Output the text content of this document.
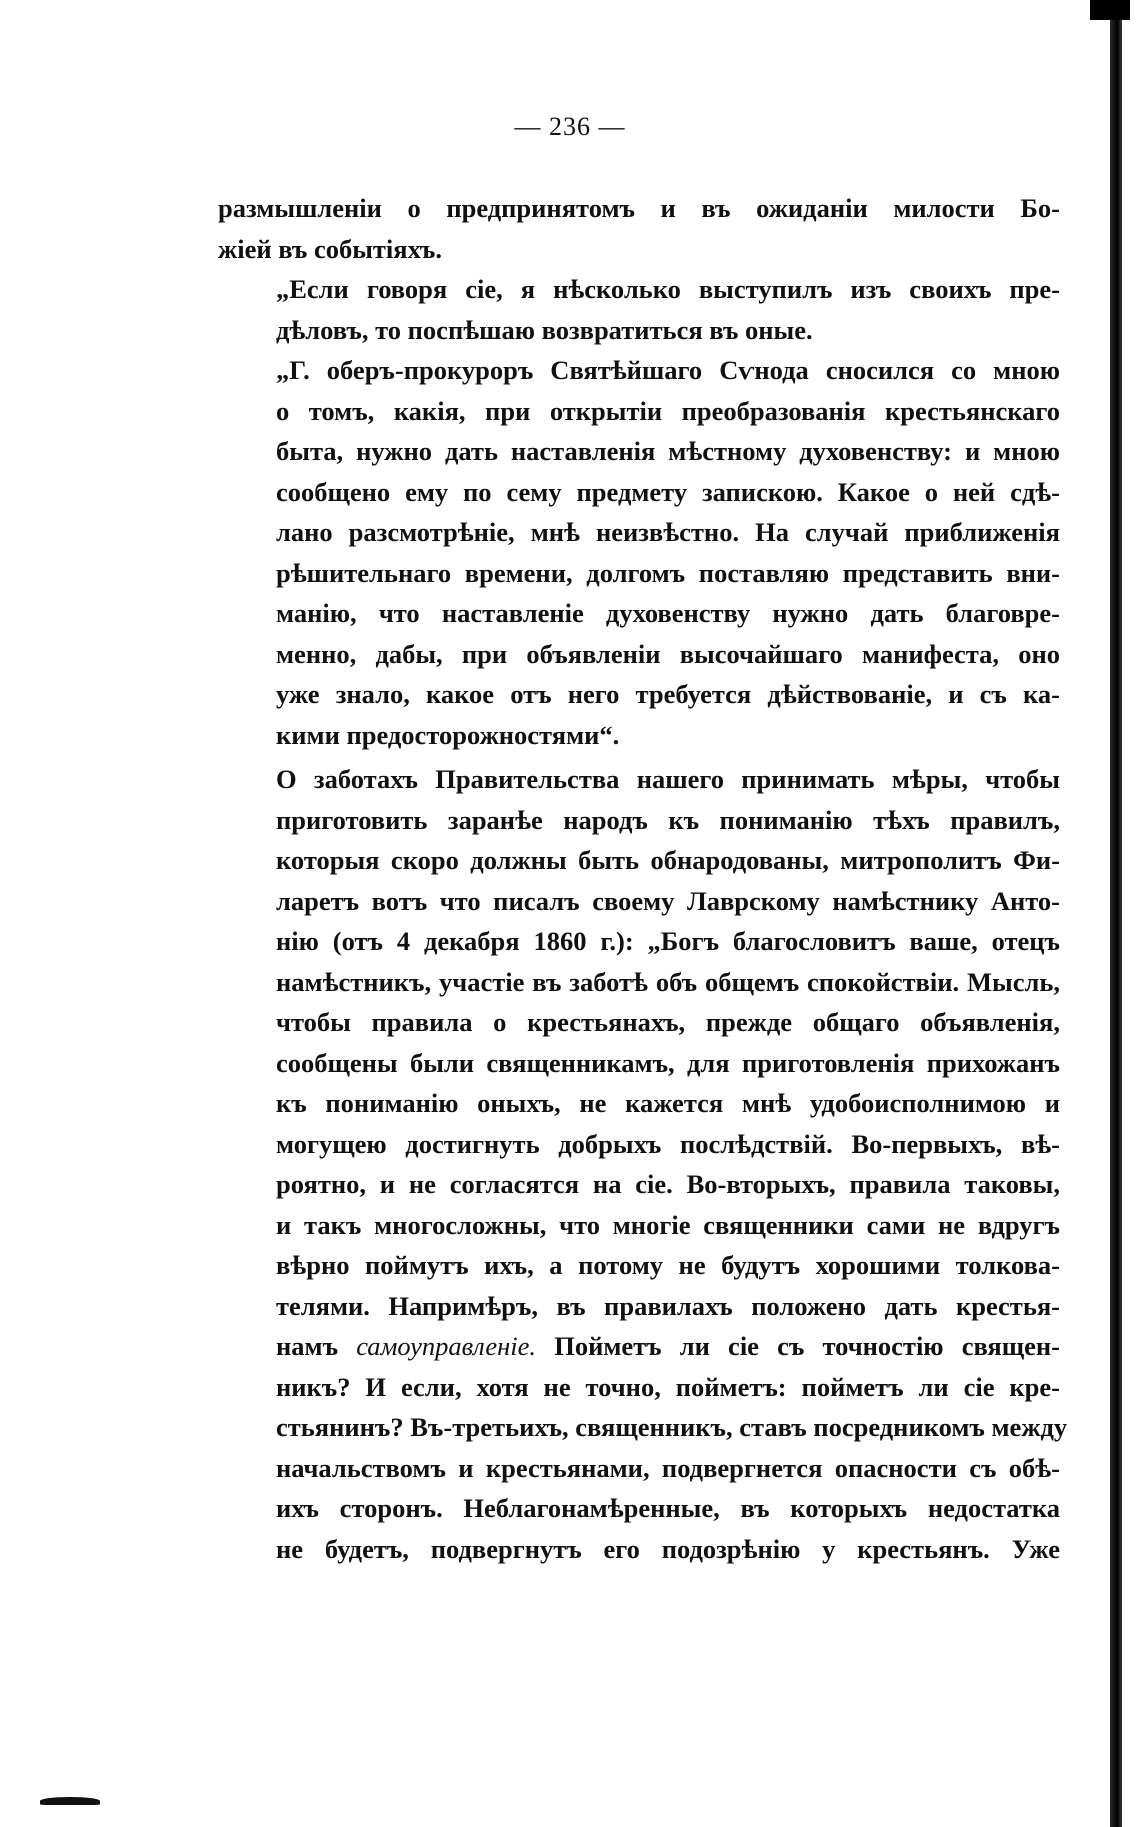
— 236 —

размышленіи о предпринятомъ и въ ожиданіи милости Бо-
жіей въ событіяхъ.

„Если говоря сіе, я нѣсколько выступилъ изъ своихъ пре-
дѣловъ, то поспѣшаю возвратиться въ оные.

„Г. оберъ-прокуроръ Святѣйшаго Сѵнода сносился со мною
о томъ, какія, при открытіи преобразованія крестьянскаго
быта, нужно дать наставленія мѣстному духовенству: и мною
сообщено ему по сему предмету запискою. Какое о ней сдѣ-
лано разсмотрѣніе, мнѣ неизвѣстно. На случай приближенія
рѣшительнаго времени, долгомъ поставляю представить вни-
манію, что наставленіе духовенству нужно дать благовре-
менно, дабы, при объявленіи высочайшаго манифеста, оно
уже знало, какое отъ него требуется дѣйствованіе, и съ ка-
кими предосторожностями“.

О заботахъ Правительства нашего принимать мѣры, чтобы
приготовить заранѣе народъ къ пониманію тѣхъ правилъ,
которыя скоро должны быть обнародованы, митрополитъ Фи-
ларетъ вотъ что писалъ своему Лаврскому намѣстнику Анто-
нію (отъ 4 декабря 1860 г.): „Богъ благословитъ ваше, отецъ
намѣстникъ, участіе въ заботѣ объ общемъ спокойствіи. Мысль,
чтобы правила о крестьянахъ, прежде общаго объявленія,
сообщены были священникамъ, для приготовленія прихожанъ
къ пониманію оныхъ, не кажется мнѣ удобоисполнимою и
могущею достигнуть добрыхъ послѣдствій. Во-первыхъ, вѣ-
роятно, и не согласятся на сіе. Во-вторыхъ, правила таковы,
и такъ многосложны, что многіе священники сами не вдругъ
вѣрно поймутъ ихъ, а потому не будутъ хорошими толкова-
телями. Напримѣръ, въ правилахъ положено дать крестья-
намъ самоуправленіе. Пойметъ ли сіе съ точностію священ-
никъ? И если, хотя не точно, пойметъ: пойметъ ли сіе кре-
стьянинъ? Въ-третьихъ, священникъ, ставъ посредникомъ между
начальствомъ и крестьянами, подвергнется опасности съ обѣ-
ихъ сторонъ. Неблагонамѣренные, въ которыхъ недостатка
не будетъ, подвергнутъ его подозрѣнію у крестьянъ. Уже
